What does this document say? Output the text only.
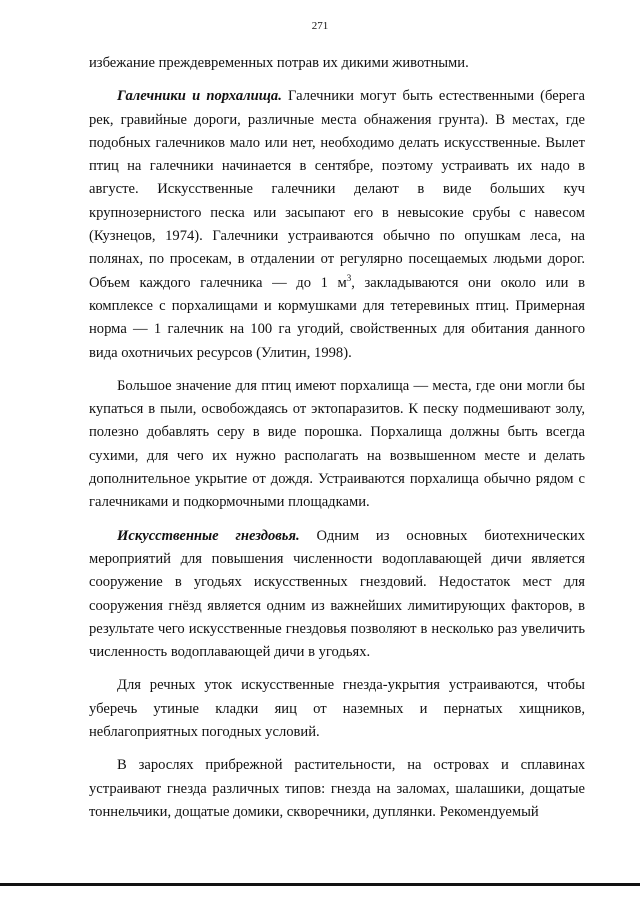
271

избежание преждевременных потрав их дикими животными.

Галечники и порхалища. Галечники могут быть естественными (берега рек, гравийные дороги, различные места обнажения грунта). В местах, где подобных галечников мало или нет, необходимо делать искусственные. Вылет птиц на галечники начинается в сентябре, поэтому устраивать их надо в августе. Искусственные галечники делают в виде больших куч крупнозернистого песка или засыпают его в невысокие срубы с навесом (Кузнецов, 1974). Галечники устраиваются обычно по опушкам леса, на полянах, по просекам, в отдалении от регулярно посещаемых людьми дорог. Объем каждого галечника — до 1 $м^3$, закладываются они около или в комплексе с порхалищами и кормушками для тетеревиных птиц. Примерная норма — 1 галечник на 100 га угодий, свойственных для обитания данного вида охотничьих ресурсов (Улитин, 1998).

Большое значение для птиц имеют порхалища — места, где они могли бы купаться в пыли, освобождаясь от эктопаразитов. К песку подмешивают золу, полезно добавлять серу в виде порошка. Порхалища должны быть всегда сухими, для чего их нужно располагать на возвышенном месте и делать дополнительное укрытие от дождя. Устраиваются порхалища обычно рядом с галечниками и подкормочными площадками.

Искусственные гнездовья. Одним из основных биотехнических мероприятий для повышения численности водоплавающей дичи является сооружение в угодьях искусственных гнездовий. Недостаток мест для сооружения гнёзд является одним из важнейших лимитирующих факторов, в результате чего искусственные гнездовья позволяют в несколько раз увеличить численность водоплавающей дичи в угодьях.

Для речных уток искусственные гнезда-укрытия устраиваются, чтобы уберечь утиные кладки яиц от наземных и пернатых хищников, неблагоприятных погодных условий.

В зарослях прибрежной растительности, на островах и сплавинах устраивают гнезда различных типов: гнезда на заломах, шалашики, дощатые тоннельчики, дощатые домики, скворечники, дуплянки. Рекомендуемый
